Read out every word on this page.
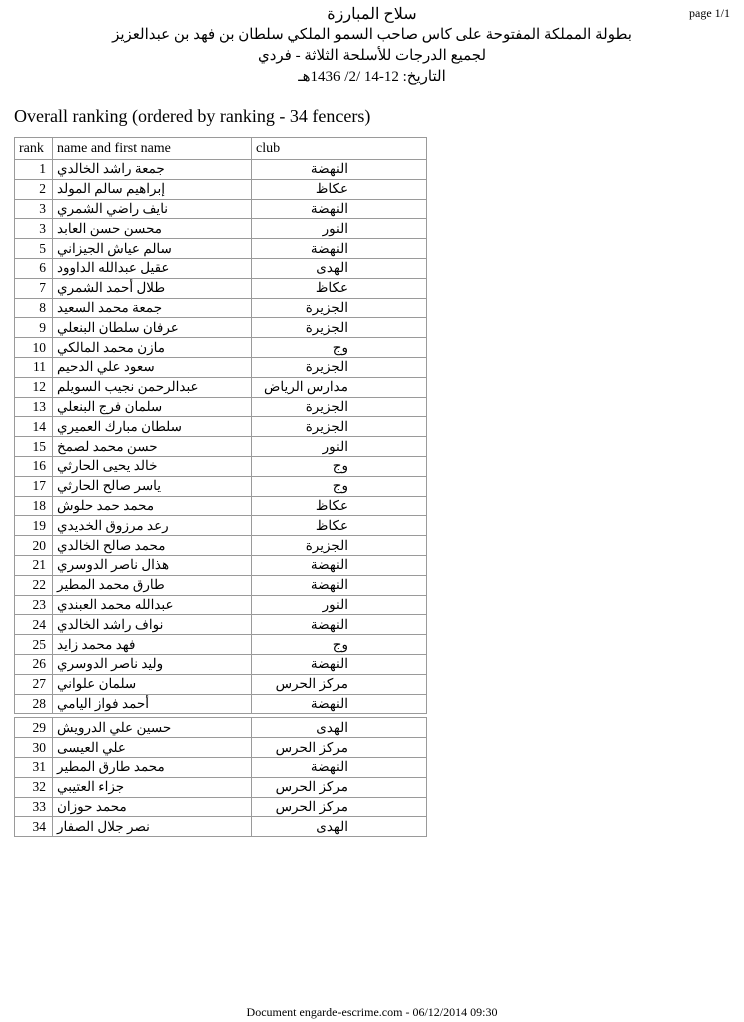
page 1/1
سلاح المبارزة
بطولة المملكة المفتوحة على كاس صاحب السمو الملكي سلطان بن فهد بن عبدالعزيز
لجميع الدرجات للأسلحة الثلاثة - فردي
التاريخ: 12-14 /2/ 1436هـ
Overall ranking (ordered by ranking - 34 fencers)
rank	name and first name	club
1	جمعة راشد الخالدي	النهضة
2	إبراهيم سالم المولد	عكاظ
3	نايف راضي الشمري	النهضة
3	محسن حسن العابد	النور
5	سالم عياش الجيزاني	النهضة
6	عقيل عبدالله الداوود	الهدى
7	طلال أحمد الشمري	عكاظ
8	جمعة محمد السعيد	الجزيرة
9	عرفان سلطان البنعلي	الجزيرة
10	مازن محمد المالكي	وج
11	سعود علي الدحيم	الجزيرة
12	عبدالرحمن نجيب السويلم	مدارس الرياض
13	سلمان فرج البنعلي	الجزيرة
14	سلطان مبارك العميري	الجزيرة
15	حسن محمد لصمخ	النور
16	خالد يحيى الحارثي	وج
17	ياسر صالح الحارثي	وج
18	محمد حمد حلوش	عكاظ
19	رعد مرزوق الخديدي	عكاظ
20	محمد صالح الخالدي	الجزيرة
21	هذال ناصر الدوسري	النهضة
22	طارق محمد المطير	النهضة
23	عبدالله محمد العبندي	النور
24	نواف راشد الخالدي	النهضة
25	فهد محمد زايد	وج
26	وليد ناصر الدوسري	النهضة
27	سلمان علواني	مركز الحرس
28	أحمد فواز اليامي	النهضة

29	حسين علي الدرويش	الهدى
30	علي العيسى	مركز الحرس
31	محمد طارق المطير	النهضة
32	جزاء العتيبي	مركز الحرس
33	محمد حوزان	مركز الحرس
34	نصر جلال الصفار	الهدى
Document engarde-escrime.com - 06/12/2014 09:30
